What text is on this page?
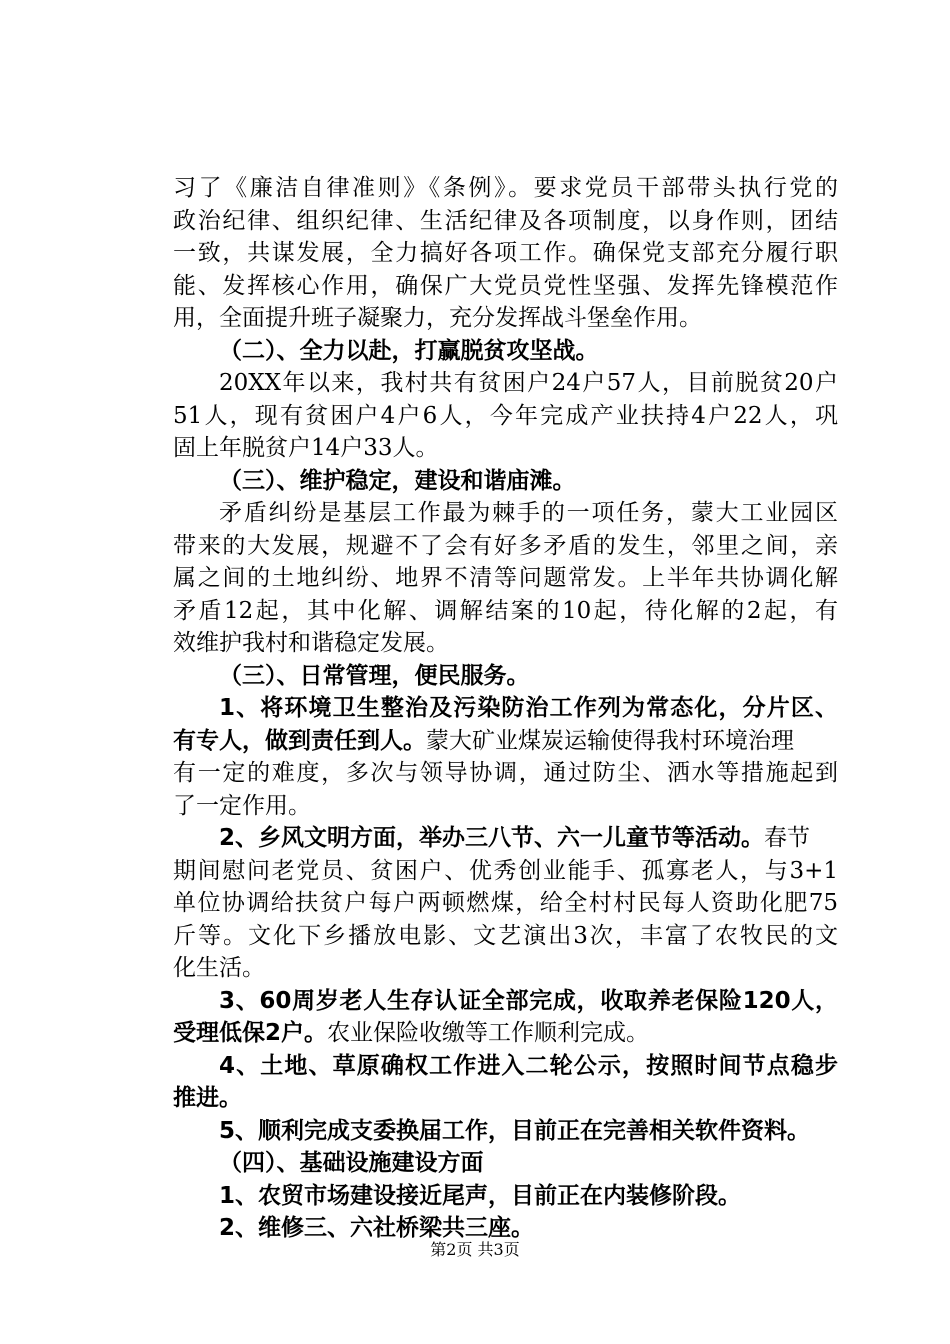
习了《廉洁自律准则》《条例》。要求党员干部带头执行党的
政治纪律、组织纪律、生活纪律及各项制度，以身作则，团结
一致，共谋发展，全力搞好各项工作。确保党支部充分履行职
能、发挥核心作用，确保广大党员党性坚强、发挥先锋模范作
用，全面提升班子凝聚力，充分发挥战斗堡垒作用。
（二）、全力以赴，打赢脱贫攻坚战。
20XX年以来，我村共有贫困户24户57人，目前脱贫20户
51人，现有贫困户4户6人，今年完成产业扶持4户22人，巩
固上年脱贫户14户33人。
（三）、维护稳定，建设和谐庙滩。
矛盾纠纷是基层工作最为棘手的一项任务，蒙大工业园区
带来的大发展，规避不了会有好多矛盾的发生，邻里之间，亲
属之间的土地纠纷、地界不清等问题常发。上半年共协调化解
矛盾12起，其中化解、调解结案的10起，待化解的2起，有
效维护我村和谐稳定发展。
（三）、日常管理，便民服务。
1、将环境卫生整治及污染防治工作列为常态化，分片区、
有专人，做到责任到人。蒙大矿业煤炭运输使得我村环境治理
有一定的难度，多次与领导协调，通过防尘、洒水等措施起到
了一定作用。
2、乡风文明方面，举办三八节、六一儿童节等活动。春节
期间慰问老党员、贫困户、优秀创业能手、孤寡老人，与3+1
单位协调给扶贫户每户两顿燃煤，给全村村民每人资助化肥75
斤等。文化下乡播放电影、文艺演出3次，丰富了农牧民的文
化生活。
3、60周岁老人生存认证全部完成，收取养老保险120人，
受理低保2户。农业保险收缴等工作顺利完成。
4、土地、草原确权工作进入二轮公示，按照时间节点稳步
推进。
5、顺利完成支委换届工作，目前正在完善相关软件资料。
（四）、基础设施建设方面
1、农贸市场建设接近尾声，目前正在内装修阶段。
2、维修三、六社桥梁共三座。
第2页 共3页
